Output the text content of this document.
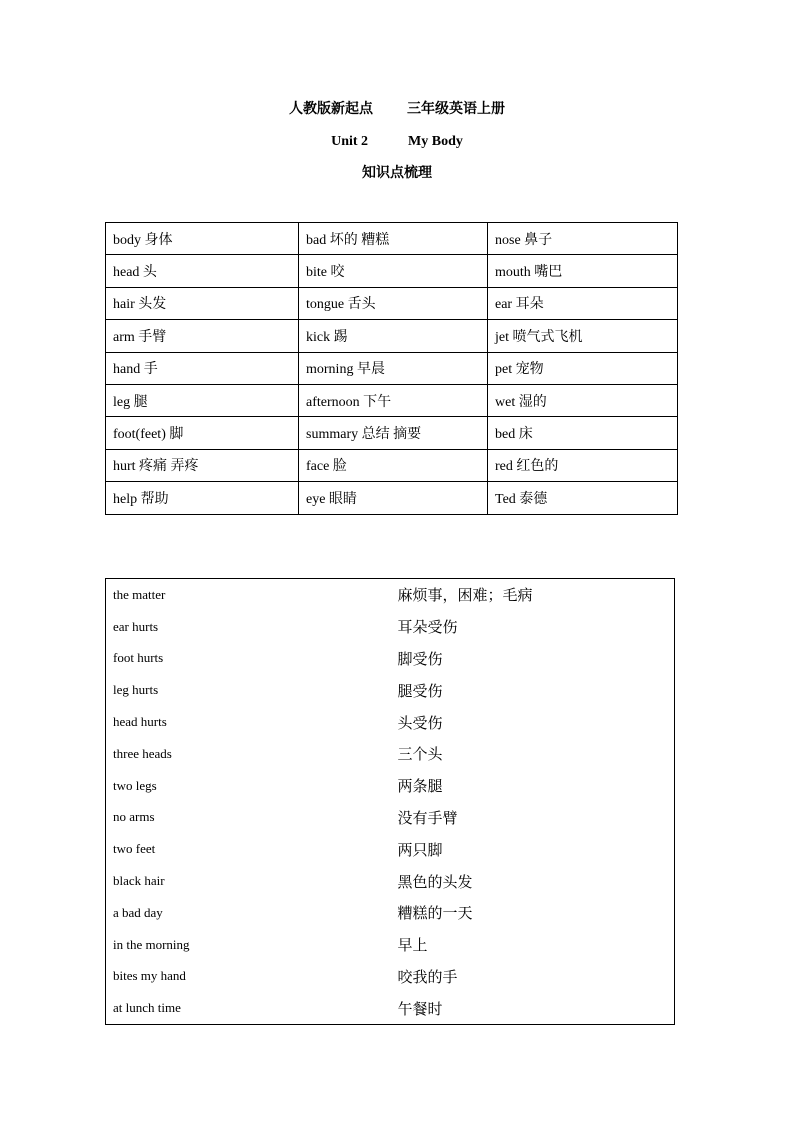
人教版新起点 三年级英语上册
Unit 2	My Body
知识点梳理
body 身体	bad 坏的 糟糕	nose 鼻子
head 头	bite 咬	mouth 嘴巴
hair 头发	tongue 舌头	ear 耳朵
arm 手臂	kick 踢	jet 喷气式飞机
hand 手	morning 早晨	pet 宠物
leg 腿	afternoon 下午	wet 湿的
foot(feet) 脚	summary 总结 摘要	bed 床
hurt 疼痛 弄疼	face 脸	red 红色的
help 帮助	eye 眼睛	Ted 泰德
the matter	麻烦事，困难；毛病
ear hurts	耳朵受伤
foot hurts	脚受伤
leg hurts	腿受伤
head hurts	头受伤
three heads	三个头
two legs	两条腿
no arms	没有手臂
two feet	两只脚
black hair	黑色的头发
a bad day	糟糕的一天
in the morning	早上
bites my hand	咬我的手
at lunch time	午餐时
